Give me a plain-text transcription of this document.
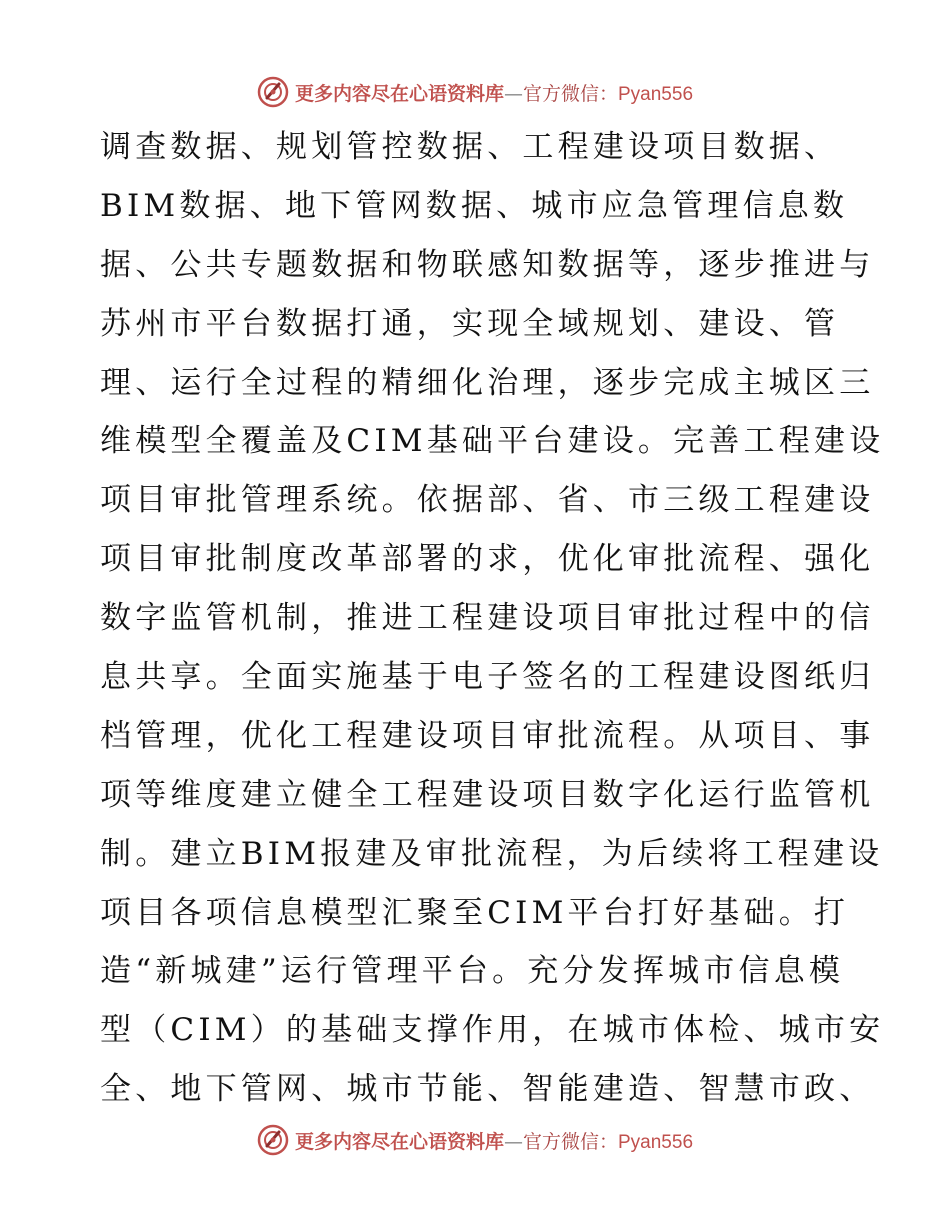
更多内容尽在心语资料库—官方微信：Pyan556
调查数据、规划管控数据、工程建设项目数据、
BIM数据、地下管网数据、城市应急管理信息数
据、公共专题数据和物联感知数据等，逐步推进与
苏州市平台数据打通，实现全域规划、建设、管
理、运行全过程的精细化治理，逐步完成主城区三
维模型全覆盖及CIM基础平台建设。完善工程建设
项目审批管理系统。依据部、省、市三级工程建设
项目审批制度改革部署的求，优化审批流程、强化
数字监管机制，推进工程建设项目审批过程中的信
息共享。全面实施基于电子签名的工程建设图纸归
档管理，优化工程建设项目审批流程。从项目、事
项等维度建立健全工程建设项目数字化运行监管机
制。建立BIM报建及审批流程，为后续将工程建设
项目各项信息模型汇聚至CIM平台打好基础。打
造“新城建”运行管理平台。充分发挥城市信息模
型（CIM）的基础支撑作用，在城市体检、城市安
全、地下管网、城市节能、智能建造、智慧市政、
更多内容尽在心语资料库—官方微信：Pyan556
